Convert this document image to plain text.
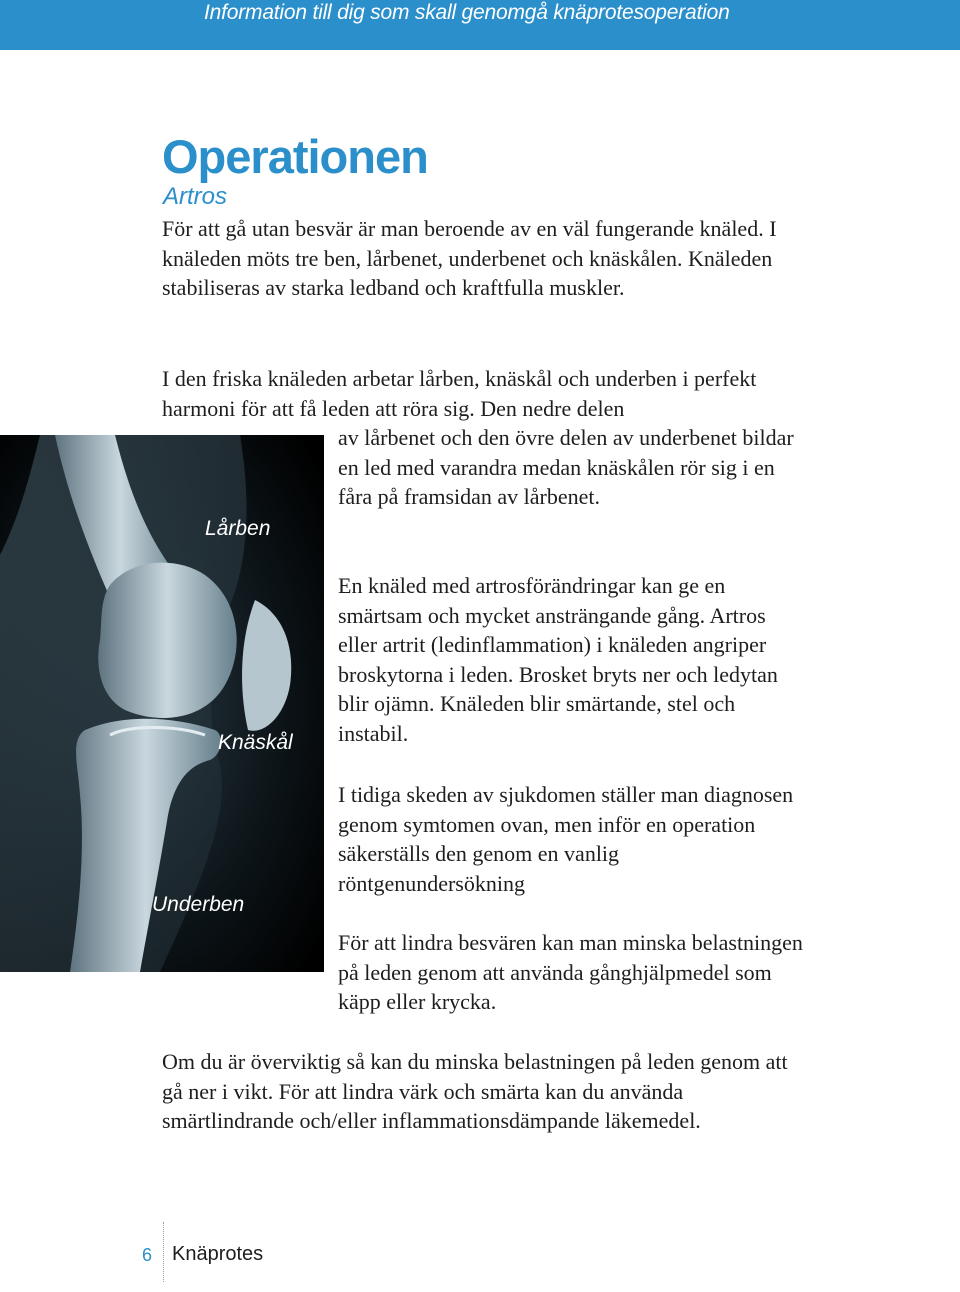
Information till dig som skall genomgå knäprotesoperation
Operationen
Artros

För att gå utan besvär är man beroende av en väl fungerande knäled. I knäleden möts tre ben, lårbenet, underbenet och knäskålen. Knäleden stabiliseras av starka ledband och kraftfulla muskler.

I den friska knäleden arbetar lårben, knäskål och underben i perfekt harmoni för att få leden att röra sig. Den nedre delen

av lårbenet och den övre delen av underbenet bildar en led med varandra medan knäskålen rör sig i en fåra på framsidan av lårbenet.

En knäled med artrosförändringar kan ge en smärtsam och mycket ansträngande gång. Artros eller artrit (ledinflammation) i knäleden angriper broskytorna i leden. Brosket bryts ner och ledytan blir ojämn. Knäleden blir smärtande, stel och instabil.

I tidiga skeden av sjukdomen ställer man diagnosen genom symtomen ovan, men inför en operation säkerställs den genom en vanlig röntgenundersökning

För att lindra besvären kan man minska belastningen på leden genom att använda gånghjälpmedel som käpp eller krycka.

Om du är överviktig så kan du minska belastningen på leden genom att gå ner i vikt. För att lindra värk och smärta kan du använda smärtlindrande och/eller inflammationsdämpande läkemedel.

Lårben
Knäskål
Underben
6 Knäprotes
